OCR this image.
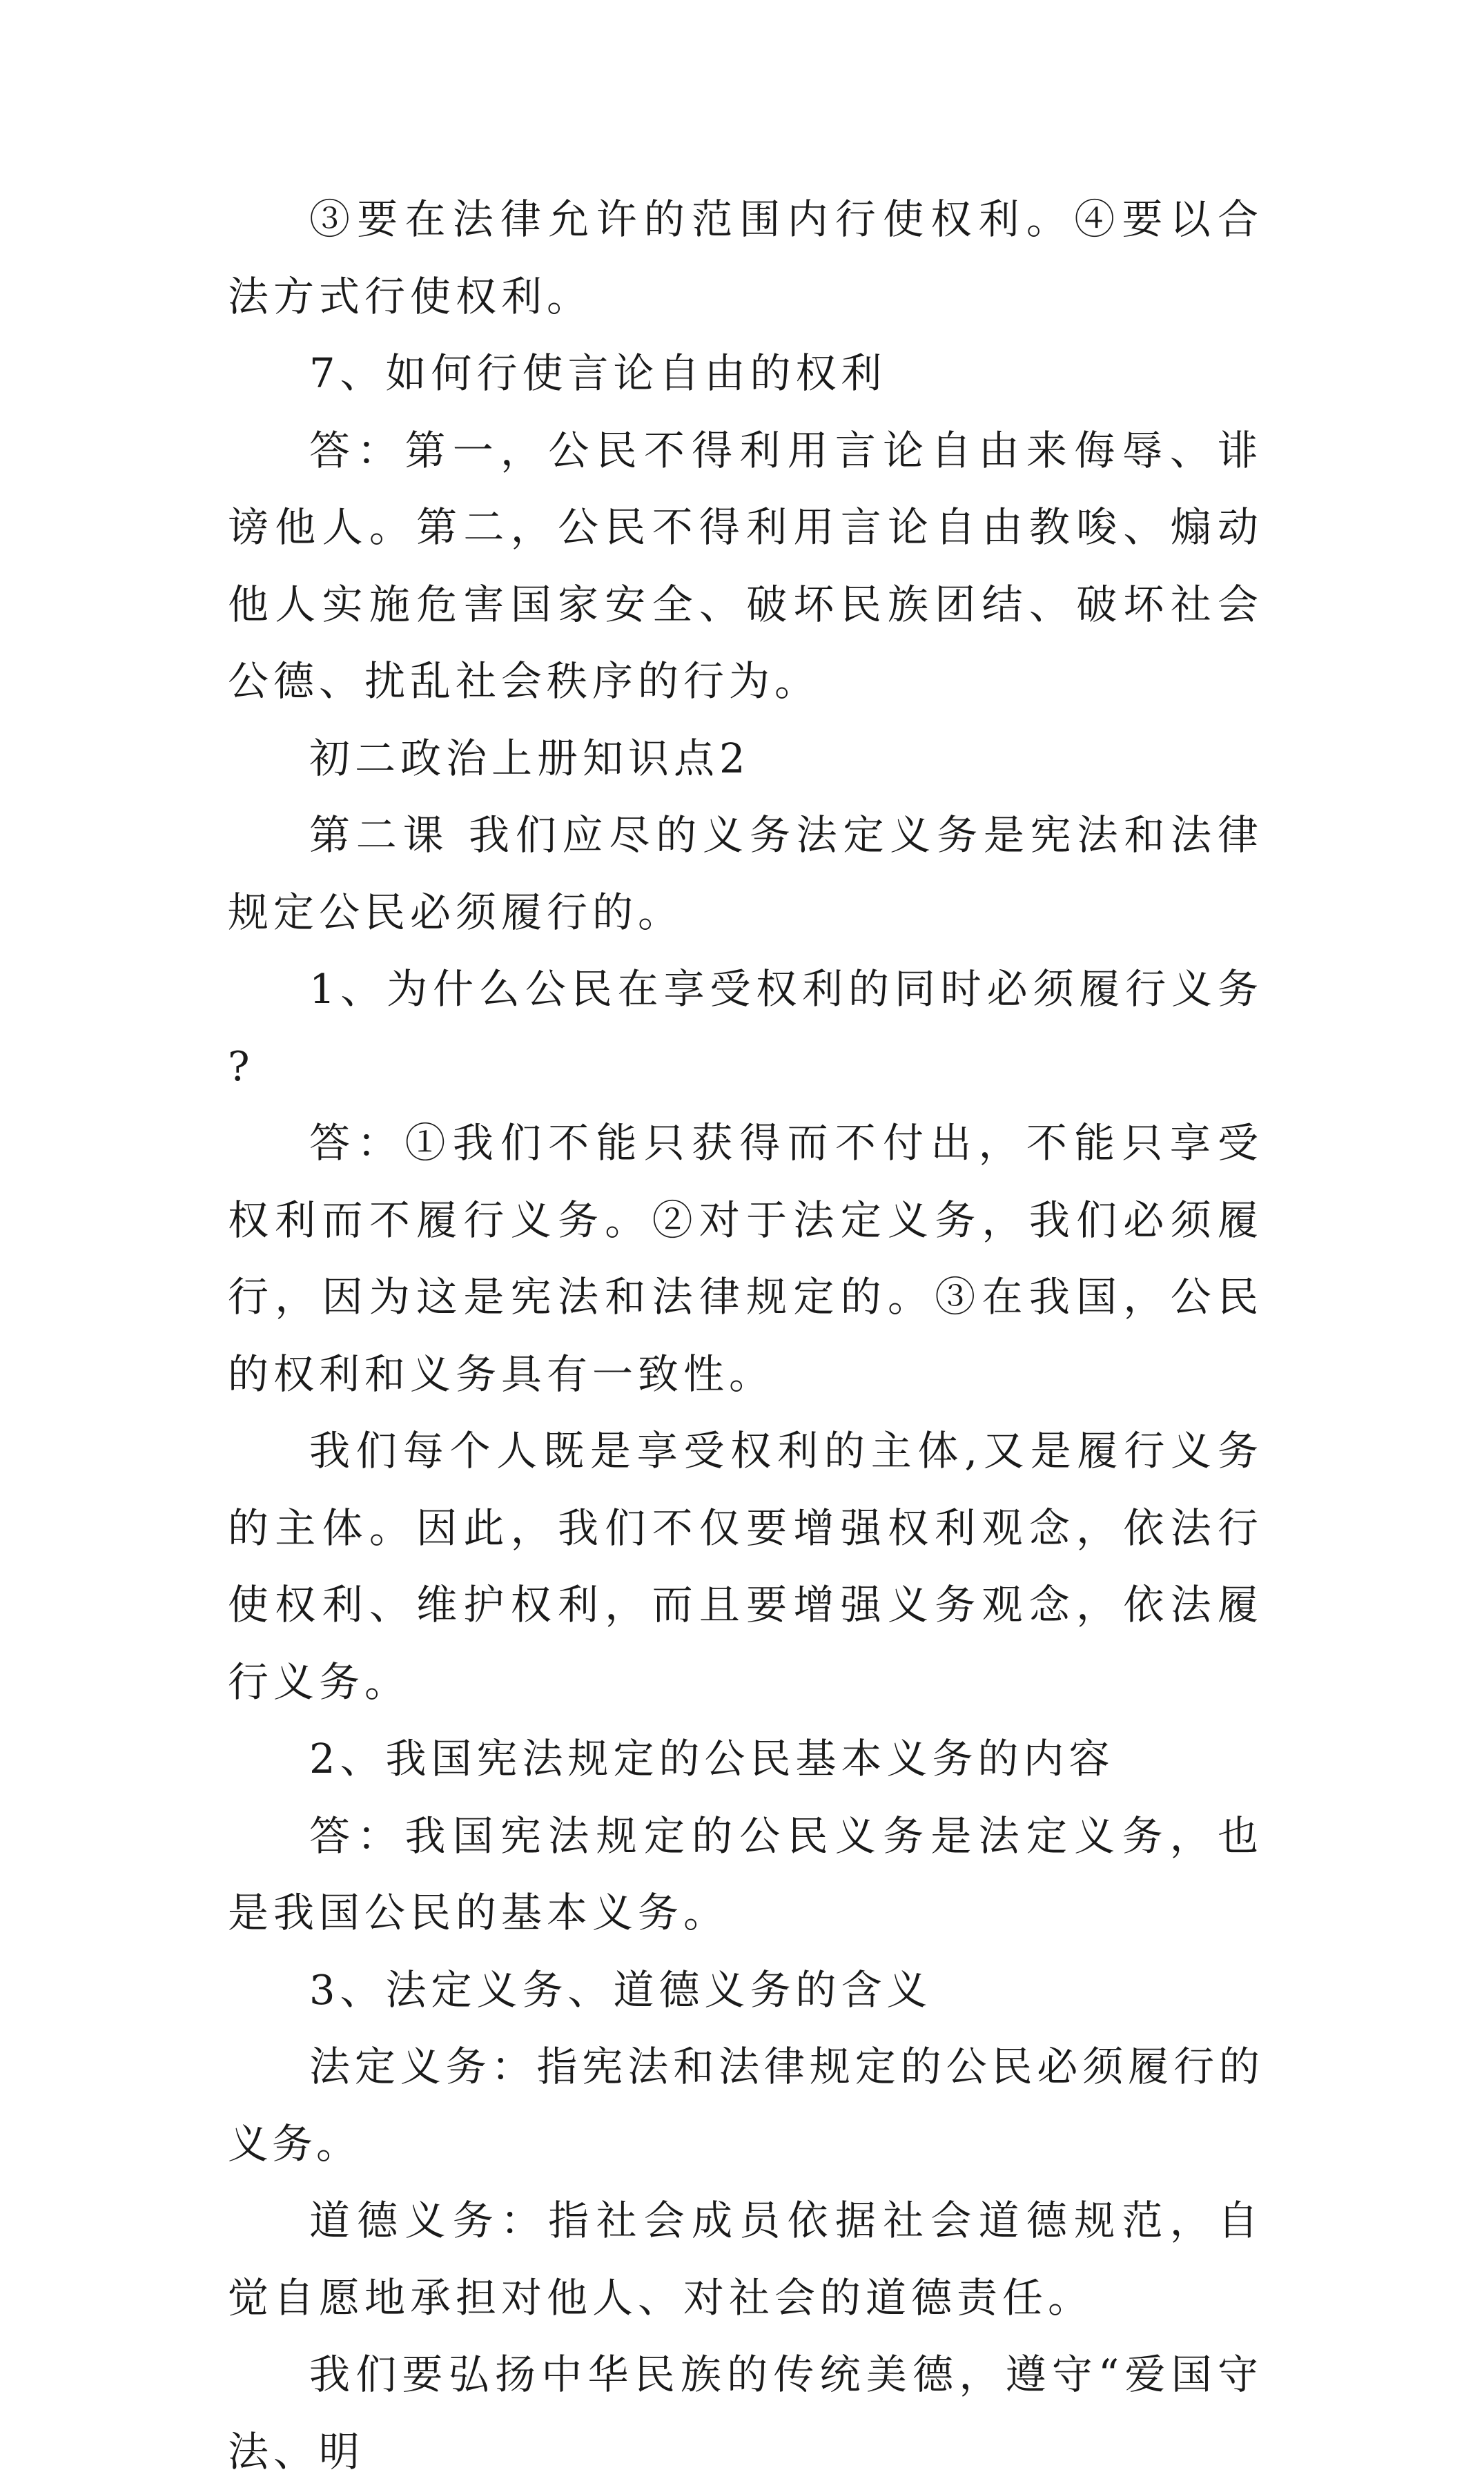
③要在法律允许的范围内行使权利。④要以合法方式行使权利。

7、如何行使言论自由的权利

答：第一，公民不得利用言论自由来侮辱、诽谤他人。第二，公民不得利用言论自由教唆、煽动他人实施危害国家安全、破坏民族团结、破坏社会公德、扰乱社会秩序的行为。

初二政治上册知识点2

第二课 我们应尽的义务法定义务是宪法和法律规定公民必须履行的。

1、为什么公民在享受权利的同时必须履行义务?

答：①我们不能只获得而不付出，不能只享受权利而不履行义务。②对于法定义务，我们必须履行，因为这是宪法和法律规定的。③在我国，公民的权利和义务具有一致性。

我们每个人既是享受权利的主体,又是履行义务的主体。因此，我们不仅要增强权利观念，依法行使权利、维护权利，而且要增强义务观念，依法履行义务。

2、我国宪法规定的公民基本义务的内容

答：我国宪法规定的公民义务是法定义务，也是我国公民的基本义务。

3、法定义务、道德义务的含义

法定义务：指宪法和法律规定的公民必须履行的义务。

道德义务：指社会成员依据社会道德规范，自觉自愿地承担对他人、对社会的道德责任。

我们要弘扬中华民族的传统美德，遵守“爱国守法、明
